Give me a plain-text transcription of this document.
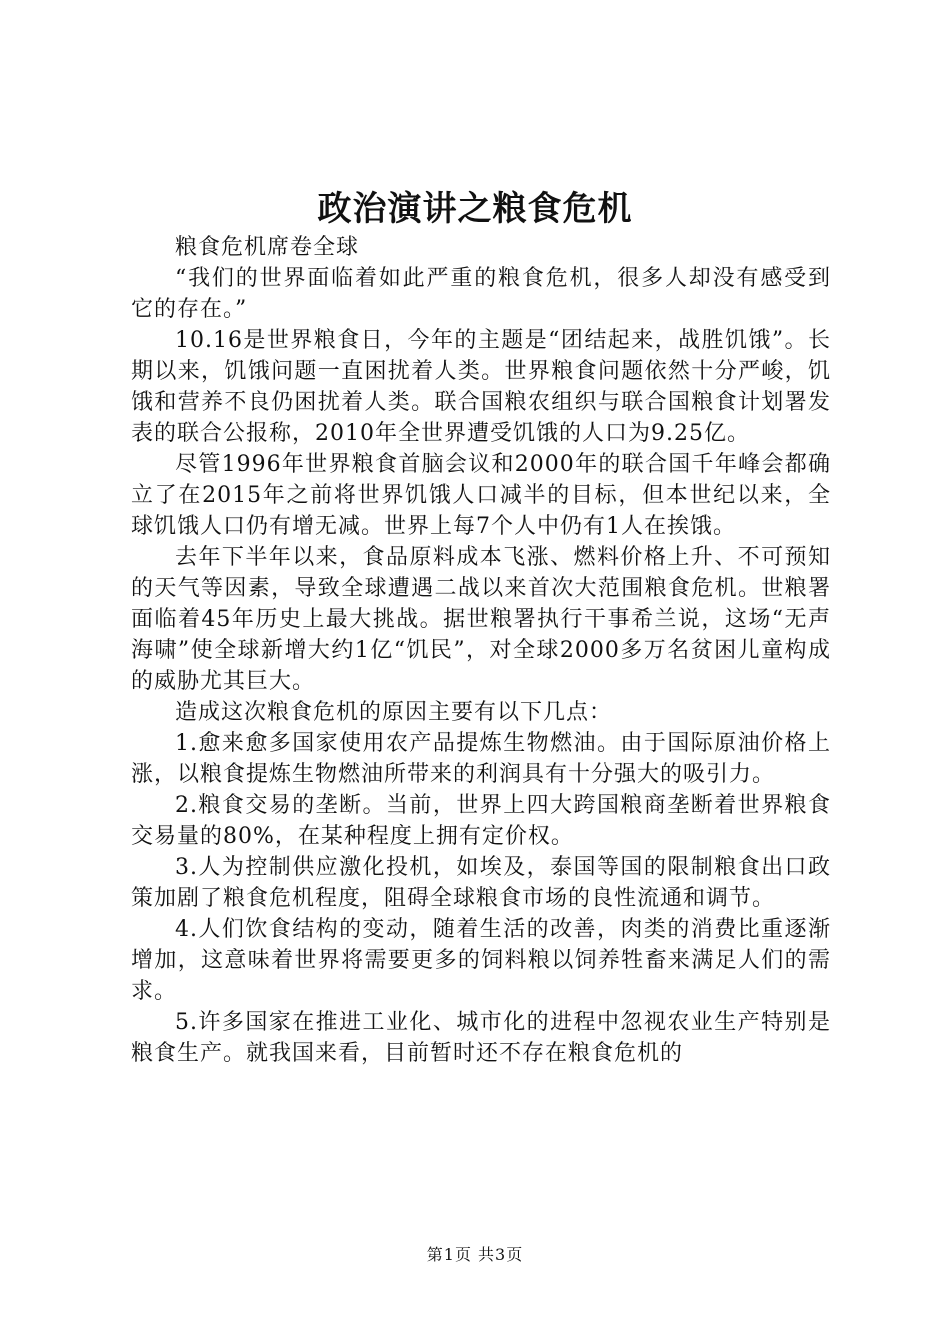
政治演讲之粮食危机

粮食危机席卷全球

“我们的世界面临着如此严重的粮食危机，很多人却没有感受到它的存在。”

10.16是世界粮食日，今年的主题是“团结起来，战胜饥饿”。长期以来，饥饿问题一直困扰着人类。世界粮食问题依然十分严峻，饥饿和营养不良仍困扰着人类。联合国粮农组织与联合国粮食计划署发表的联合公报称，2010年全世界遭受饥饿的人口为9.25亿。

尽管1996年世界粮食首脑会议和2000年的联合国千年峰会都确立了在2015年之前将世界饥饿人口减半的目标，但本世纪以来，全球饥饿人口仍有增无减。世界上每7个人中仍有1人在挨饿。

去年下半年以来，食品原料成本飞涨、燃料价格上升、不可预知的天气等因素，导致全球遭遇二战以来首次大范围粮食危机。世粮署面临着45年历史上最大挑战。据世粮署执行干事希兰说，这场“无声海啸”使全球新增大约1亿“饥民”，对全球2000多万名贫困儿童构成的威胁尤其巨大。

造成这次粮食危机的原因主要有以下几点：

1.愈来愈多国家使用农产品提炼生物燃油。由于国际原油价格上涨，以粮食提炼生物燃油所带来的利润具有十分强大的吸引力。

2.粮食交易的垄断。当前，世界上四大跨国粮商垄断着世界粮食交易量的80%，在某种程度上拥有定价权。

3.人为控制供应激化投机，如埃及，泰国等国的限制粮食出口政策加剧了粮食危机程度，阻碍全球粮食市场的良性流通和调节。

4.人们饮食结构的变动，随着生活的改善，肉类的消费比重逐渐增加，这意味着世界将需要更多的饲料粮以饲养牲畜来满足人们的需求。

5.许多国家在推进工业化、城市化的进程中忽视农业生产特别是粮食生产。就我国来看，目前暂时还不存在粮食危机的

第1页 共3页
